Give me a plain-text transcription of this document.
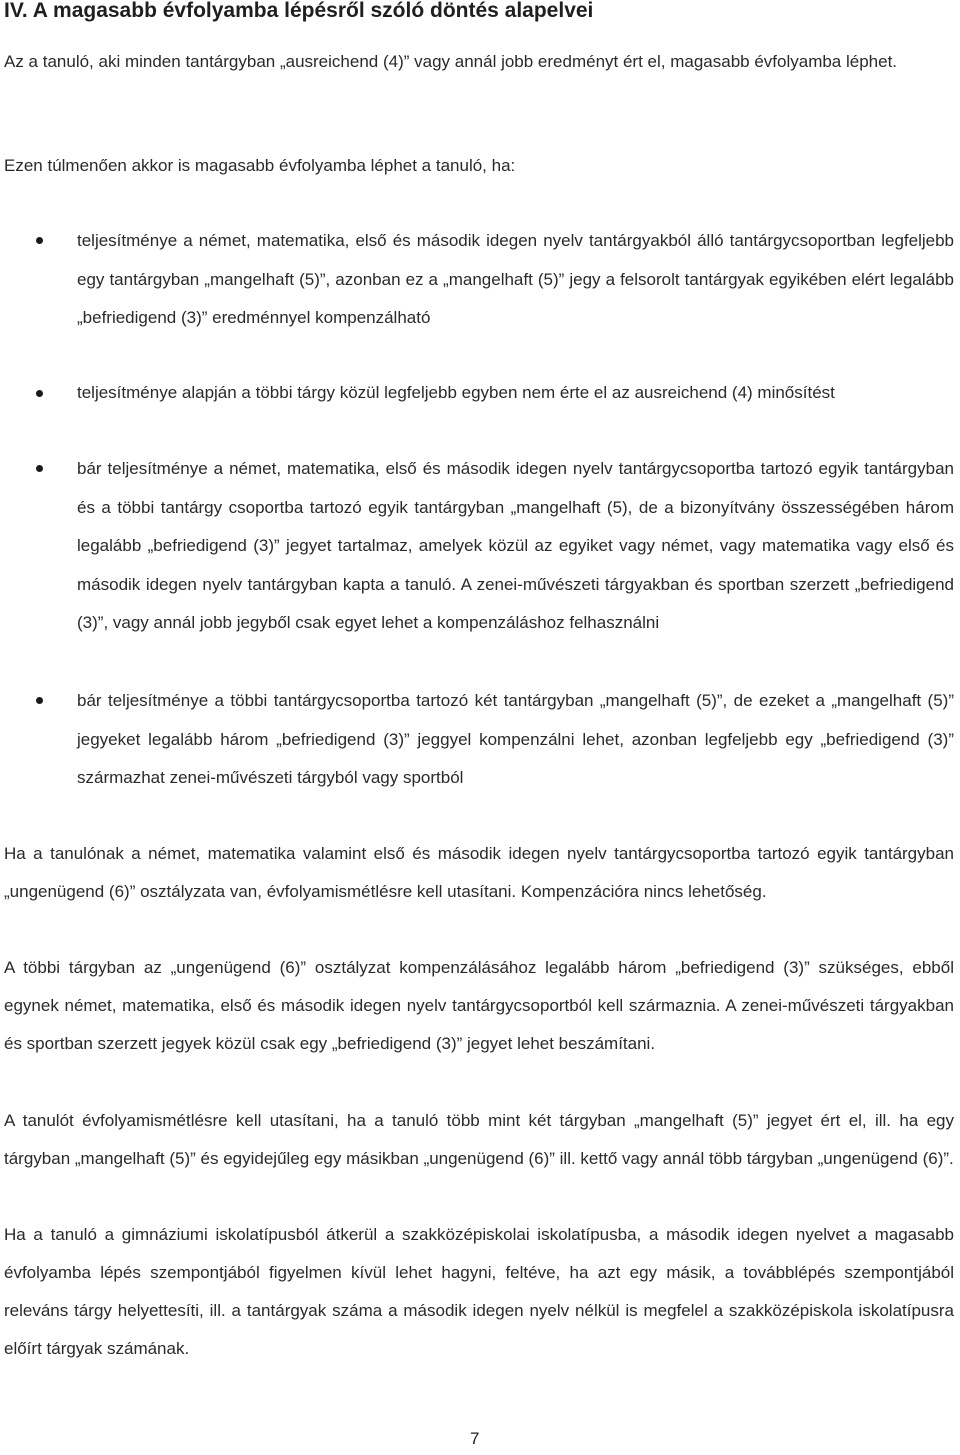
IV. A magasabb évfolyamba lépésről szóló döntés alapelvei

Az a tanuló, aki minden tantárgyban „ausreichend (4)” vagy annál jobb eredményt ért el, magasabb évfolyamba léphet.

Ezen túlmenően akkor is magasabb évfolyamba léphet a tanuló, ha:

teljesítménye a német, matematika, első és második idegen nyelv tantárgyakból álló tantárgycsoportban legfeljebb egy tantárgyban „mangelhaft (5)”, azonban ez a „mangelhaft (5)” jegy a felsorolt tantárgyak egyikében elért legalább „befriedigend (3)” eredménnyel kompenzálható

teljesítménye alapján a többi tárgy közül legfeljebb egyben nem érte el az ausreichend (4) minősítést

bár teljesítménye a német, matematika, első és második idegen nyelv tantárgycsoportba tartozó egyik tantárgyban és a többi tantárgy csoportba tartozó egyik tantárgyban „mangelhaft (5), de a bizonyítvány összességében három legalább „befriedigend (3)” jegyet tartalmaz, amelyek közül az egyiket vagy német, vagy matematika vagy első és második idegen nyelv tantárgyban kapta a tanuló. A zenei-művészeti tárgyakban és sportban szerzett „befriedigend (3)”, vagy annál jobb jegyből csak egyet lehet a kompenzáláshoz felhasználni

bár teljesítménye a többi tantárgycsoportba tartozó két tantárgyban „mangelhaft (5)”, de ezeket a „mangelhaft (5)” jegyeket legalább három „befriedigend (3)” jeggyel kompenzálni lehet, azonban legfeljebb egy „befriedigend (3)” származhat zenei-művészeti tárgyból vagy sportból

Ha a tanulónak a német, matematika valamint első és második idegen nyelv tantárgycsoportba tartozó egyik tantárgyban „ungenügend (6)” osztályzata van, évfolyamismétlésre kell utasítani. Kompenzációra nincs lehetőség.

A többi tárgyban az „ungenügend (6)” osztályzat kompenzálásához legalább három „befriedigend (3)” szükséges, ebből egynek német, matematika, első és második idegen nyelv tantárgycsoportból kell származnia. A zenei-művészeti tárgyakban és sportban szerzett jegyek közül csak egy „befriedigend (3)” jegyet lehet beszámítani.

A tanulót évfolyamismétlésre kell utasítani, ha a tanuló több mint két tárgyban „mangelhaft (5)” jegyet ért el, ill. ha egy tárgyban „mangelhaft (5)” és egyidejűleg egy másikban „ungenügend (6)” ill. kettő vagy annál több tárgyban „ungenügend (6)”.

Ha a tanuló a gimnáziumi iskolatípusból átkerül a szakközépiskolai iskolatípusba, a második idegen nyelvet a magasabb évfolyamba lépés szempontjából figyelmen kívül lehet hagyni, feltéve, ha azt egy másik, a továbblépés szempontjából releváns tárgy helyettesíti, ill. a tantárgyak száma a második idegen nyelv nélkül is megfelel a szakközépiskola iskolatípusra előírt tárgyak számának.

7
